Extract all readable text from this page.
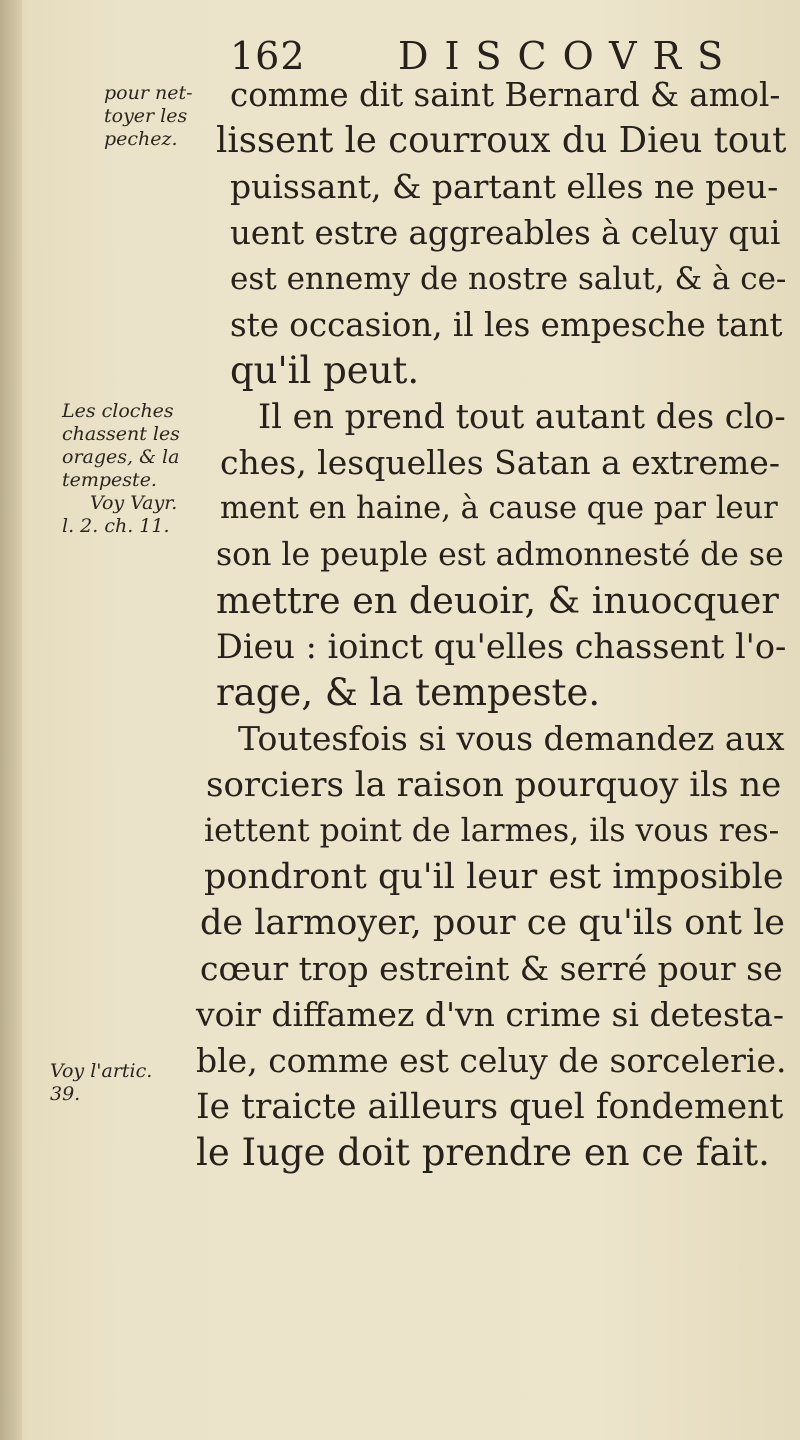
162 DISCOVRS
pour net-
toyer les
pechez.
Les cloches
chassent les
orages, & la
tempeste.
Voy Vayr.
l. 2. ch. 11.
Voy l'artic.
39.
comme dit saint Bernard & amol-
lissent le courroux du Dieu tout
puissant, & partant elles ne peu-
uent estre aggreables à celuy qui
est ennemy de nostre salut, & à ce-
ste occasion, il les empesche tant
qu'il peut.
Il en prend tout autant des clo-
ches, lesquelles Satan a extreme-
ment en haine, à cause que par leur
son le peuple est admonnesté de se
mettre en deuoir, & inuocquer
Dieu : ioinct qu'elles chassent l'o-
rage, & la tempeste.
Toutesfois si vous demandez aux
sorciers la raison pourquoy ils ne
iettent point de larmes, ils vous res-
pondront qu'il leur est imposible
de larmoyer, pour ce qu'ils ont le
cœur trop estreint & serré pour se
voir diffamez d'vn crime si detesta-
ble, comme est celuy de sorcelerie.
Ie traicte ailleurs quel fondement
le Iuge doit prendre en ce fait.
